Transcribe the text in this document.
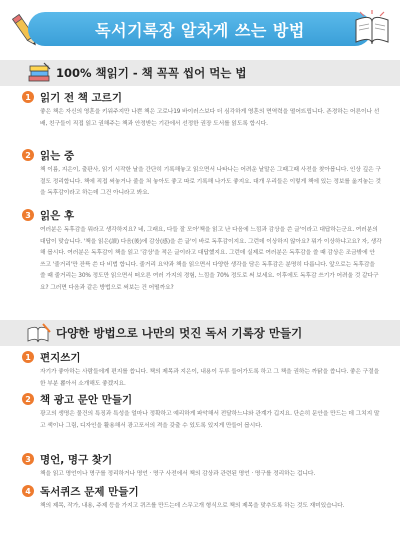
독서기록장 알차게 쓰는 방법
100% 책읽기 - 책 꼭꼭 씹어 먹는 법
1 읽기 전 책 고르기
좋은 책은 자신의 영혼을 키워주지만 나쁜 책은 고로나19 바이러스보다 더 심각하게 영혼의 면역력을 떨어뜨립니다. 존경하는 어른이나 선배, 친구들이 직접 읽고 권해주는 책과 안정받는 기관에서 선정한 권장 도서를 읽도록 합시다.
2 읽는 중
책 이름, 지은이, 출판사, 읽기 시작한 날을 간단히 기록해놓고 읽으면서 나타나는 어려운 낱말은 그때그때 사전을 찾아봅니다. 인상 깊은 구절도 정리합니다. 책에 직접 써놓거나 줄을 쳐 놓아도 좋고 따로 기록해 나가도 좋지요. 대개 우리들은 이렇게 책에 있는 정보를 옮겨놓는 것을 독후감이라고 하는데 그건 아니라고 봐요.
3 읽은 후
여러분은 독후감을 뭐라고 생각하지요? 네, 그래요, 다들 잘 모아'책을 읽고 난 다음에 느낌과 감상을 쓴 글'이라고 대답하는군요. 여러분의 대답이 맞습니다. '책을 읽은(讀) 다음(後)에 감상(感)을 쓴 글'이 바로 독후감이지요. 그런데 이상하지 않아요? 뭐가 이상하냐고요? 자, 생각해 봅시다. 여러분은 독후감이 책을 읽고 '감상'을 적은 글이라고 대답했지요. 그런데 실제로 여러분은 독후감을 쓸 때 감상은 조금밖에 안 쓰고 '줄거리'만 잔뜩 쓴 다 비법 합니다. 줄거리 요약과 책을 읽으면서 다양한 생각을 담은 독후감은 분명히 다릅니다. 앞으로는 독후감을 쓸 때 줄거리는 30% 정도만 읽으면서 떠오른 여러 가지의 경험, 느낌을 70% 정도로 써 보세요. 이후에도 독후감 쓰기가 어려울 것 같다구요? 그러면 다음과 같은 방법으로 써보는 건 어떨까요?
다양한 방법으로 나만의 멋진 독서 기록장 만들기
1 편지쓰기
자기가 좋아하는 사람들에게 편지를 씁니다. 책의 제목과 지은이, 내용이 두루 들어가도록 하고 그 책을 권하는 까닭을 씁니다. 좋은 구절을 한 부분 뽑아서 소개해도 좋겠지요.
2 책 광고 문안 만들기
광고의 생명은 물건의 특징과 특성을 얼마나 정확하고 예리하게 파악해서 전달하느냐와 관계가 깁지요. 단순히 문안을 만드는 데 그치지 말고 색이나 그림, 디자인을 활용해서 광고포서의 격을 갖출 수 있도록 있지게 만들어 봅시다.
3 명언, 명구 찾기
책을 읽고 명언이나 명구를 정리하거나 명언 · 명구 사전에서 책의 감상과 관련된 명언 · 명구를 정리하는 겁니다.
4 독서퀴즈 문제 만들기
책의 제목, 작가, 내용, 주제 등을 가지고 퀴즈를 만드는데 스무고개 형식으로 책의 제목을 맞추도록 하는 것도 재미있습니다.
